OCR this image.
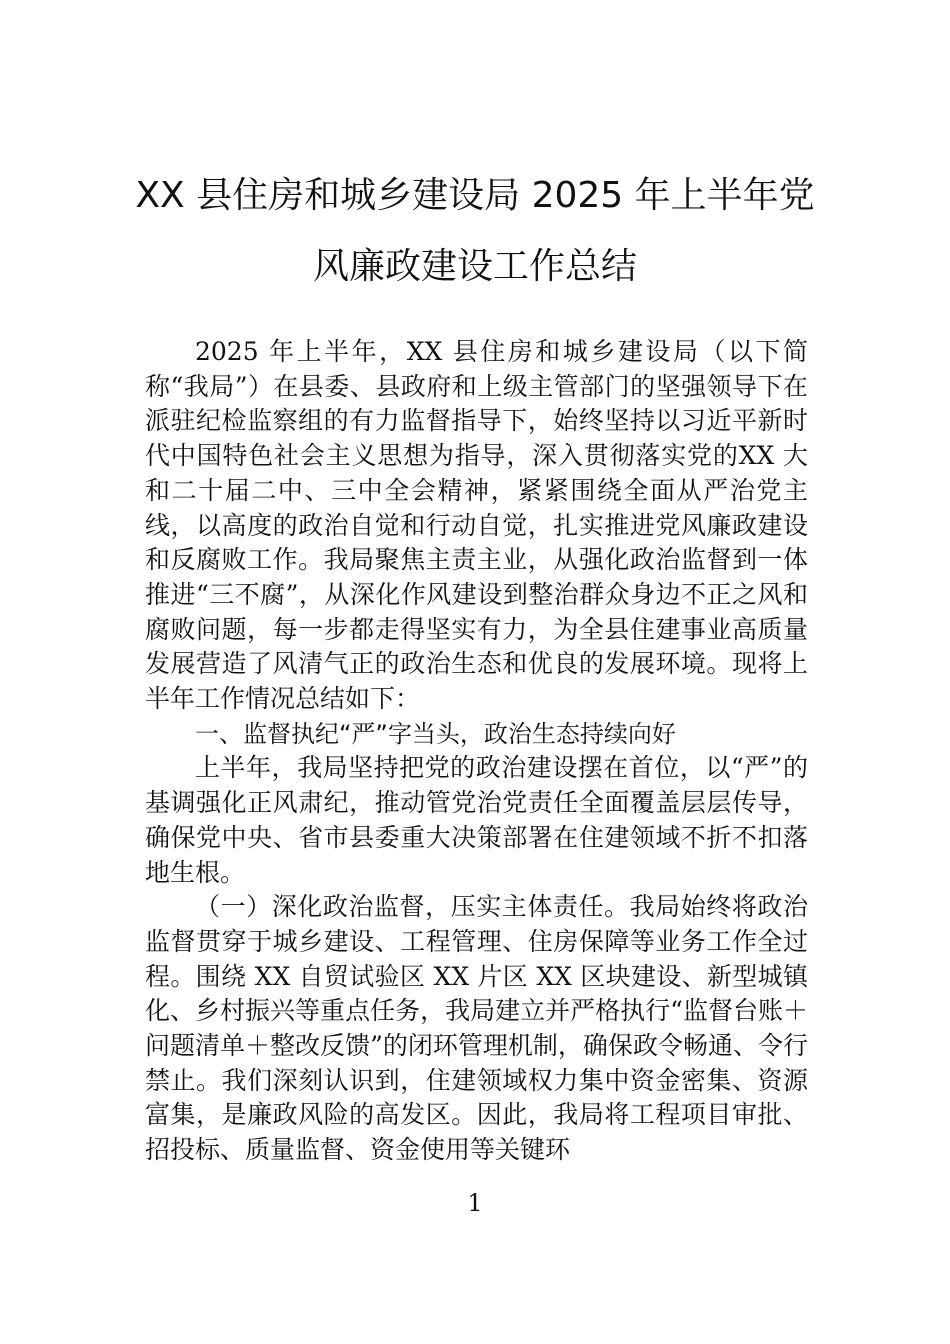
XX 县住房和城乡建设局 2025 年上半年党
风廉政建设工作总结

2025 年上半年，XX 县住房和城乡建设局（以下简称“我局”）在县委、县政府和上级主管部门的坚强领导下在派驻纪检监察组的有力监督指导下，始终坚持以习近平新时代中国特色社会主义思想为指导，深入贯彻落实党的XX 大和二十届二中、三中全会精神，紧紧围绕全面从严治党主线，以高度的政治自觉和行动自觉，扎实推进党风廉政建设和反腐败工作。我局聚焦主责主业，从强化政治监督到一体推进“三不腐”，从深化作风建设到整治群众身边不正之风和腐败问题，每一步都走得坚实有力，为全县住建事业高质量发展营造了风清气正的政治生态和优良的发展环境。现将上半年工作情况总结如下：

一、监督执纪“严”字当头，政治生态持续向好

上半年，我局坚持把党的政治建设摆在首位，以“严”的基调强化正风肃纪，推动管党治党责任全面覆盖层层传导，确保党中央、省市县委重大决策部署在住建领域不折不扣落地生根。

（一）深化政治监督，压实主体责任。我局始终将政治监督贯穿于城乡建设、工程管理、住房保障等业务工作全过程。围绕 XX 自贸试验区 XX 片区 XX 区块建设、新型城镇化、乡村振兴等重点任务，我局建立并严格执行“监督台账＋问题清单＋整改反馈”的闭环管理机制，确保政令畅通、令行禁止。我们深刻认识到，住建领域权力集中资金密集、资源富集，是廉政风险的高发区。因此，我局将工程项目审批、招投标、质量监督、资金使用等关键环

1
